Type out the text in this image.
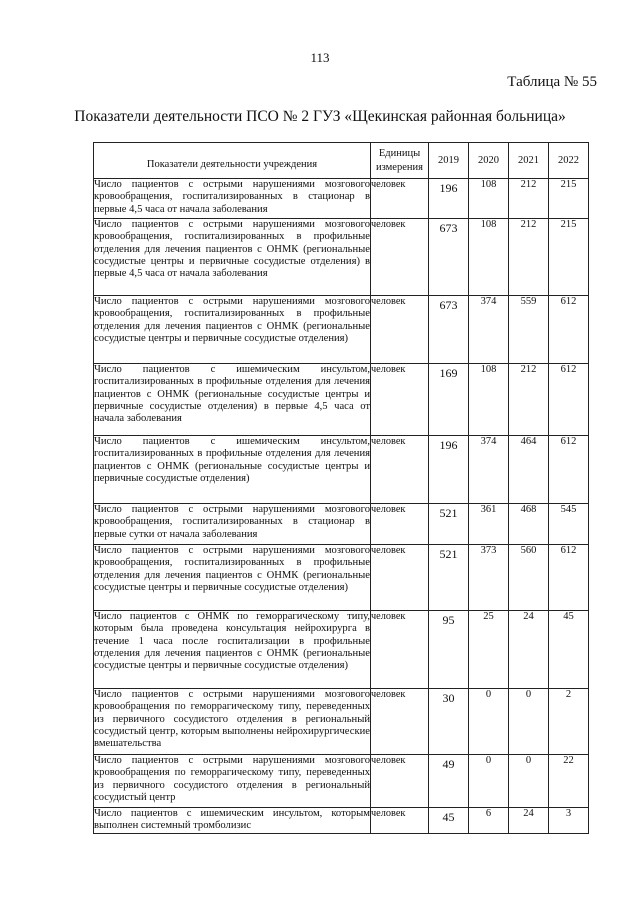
113
Таблица № 55
Показатели деятельности ПСО № 2 ГУЗ «Щекинская районная больница»
Показатели деятельности учреждения	Единицы измерения	2019	2020	2021	2022
Число пациентов с острыми нарушениями мозгового кровообращения, госпитализированных в стационар в первые 4,5 часа от начала заболевания	человек	196	108	212	215
Число пациентов с острыми нарушениями мозгового кровообращения, госпитализированных в профильные отделения для лечения пациентов с ОНМК (региональные сосудистые центры и первичные сосудистые отделения) в первые 4,5 часа от начала заболевания	человек	673	108	212	215
Число пациентов с острыми нарушениями мозгового кровообращения, госпитализированных в профильные отделения для лечения пациентов с ОНМК (региональные сосудистые центры и первичные сосудистые отделения)	человек	673	374	559	612
Число пациентов с ишемическим инсультом, госпитализированных в профильные отделения для лечения пациентов с ОНМК (региональные сосудистые центры и первичные сосудистые отделения) в первые 4,5 часа от начала заболевания	человек	169	108	212	612
Число пациентов с ишемическим инсультом, госпитализированных в профильные отделения для лечения пациентов с ОНМК (региональные сосудистые центры и первичные сосудистые отделения)	человек	196	374	464	612
Число пациентов с острыми нарушениями мозгового кровообращения, госпитализированных в стационар в первые сутки от начала заболевания	человек	521	361	468	545
Число пациентов с острыми нарушениями мозгового кровообращения, госпитализированных в профильные отделения для лечения пациентов с ОНМК (региональные сосудистые центры и первичные сосудистые отделения)	человек	521	373	560	612
Число пациентов с ОНМК по геморрагическому типу, которым была проведена консультация нейрохирурга в течение 1 часа после госпитализации в профильные отделения для лечения пациентов с ОНМК (региональные сосудистые центры и первичные сосудистые отделения)	человек	95	25	24	45
Число пациентов с острыми нарушениями мозгового кровообращения по геморрагическому типу, переведенных из первичного сосудистого отделения в региональный сосудистый центр, которым выполнены нейрохирургические вмешательства	человек	30	0	0	2
Число пациентов с острыми нарушениями мозгового кровообращения по геморрагическому типу, переведенных из первичного сосудистого отделения в региональный сосудистый центр	человек	49	0	0	22
Число пациентов с ишемическим инсультом, которым выполнен системный тромболизис	человек	45	6	24	3
